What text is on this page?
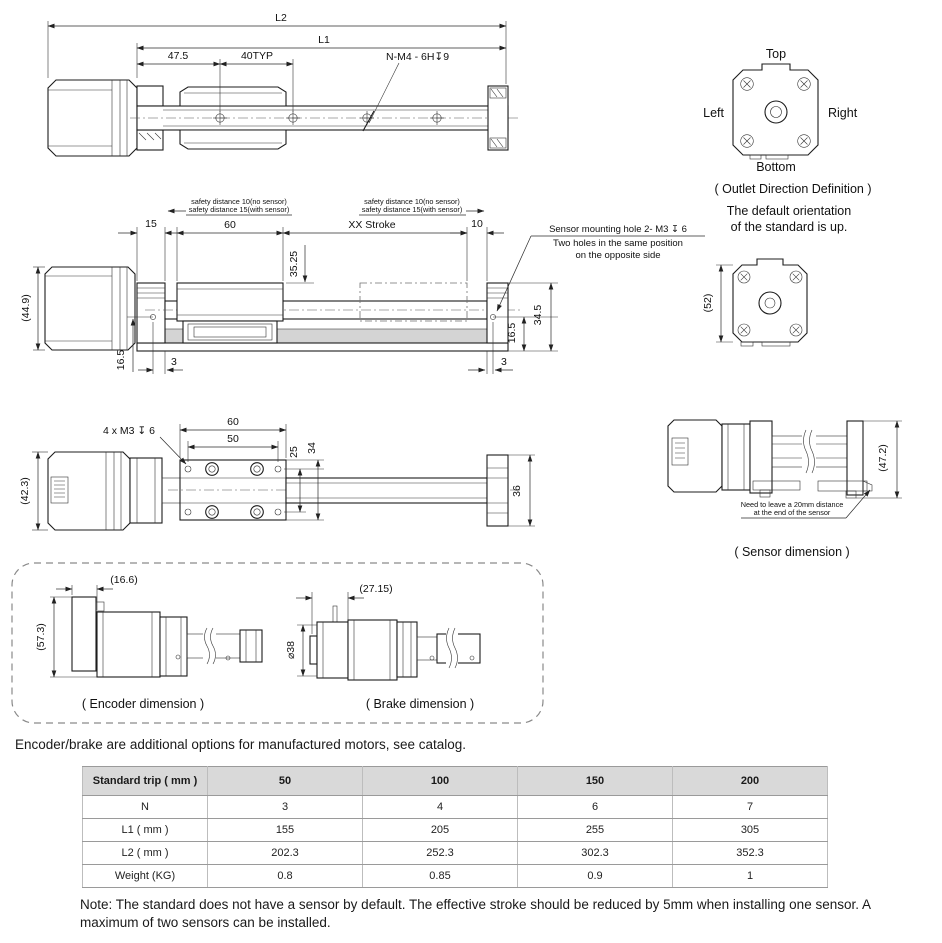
L2
L1
47.5	40TYP	N-M4 - 6H↧9	Top
Left	Right
Bottom
( Outlet Direction Definition )
The default orientation
of the standard is up.
safety distance 10(no sensor)
safety distance 15(with sensor)
safety distance 10(no sensor)
safety distance 15(with sensor)
15	60	XX Stroke	10
35.25
(44.9)
16.5	3
16.5
34.5
3
Sensor mounting hole 2- M3 ↧ 6
Two holes in the same position
on the opposite side
(52)
4 x M3 ↧ 6
60
50
25 34
(42.3)	36
Need to leave a 20mm distance
at the end of the sensor
(47.2)
( Sensor dimension )
(16.6)
(57.3)
( Encoder dimension )
(27.15)
⌀38
( Brake dimension )
Encoder/brake are additional options for manufactured motors, see catalog.
Standard trip ( mm )	50	100	150	200
N	3	4	6	7
L1 ( mm )	155	205	255	305
L2 ( mm )	202.3	252.3	302.3	352.3
Weight (KG)	0.8	0.85	0.9	1
Note: The standard does not have a sensor by default. The effective stroke should be reduced by 5mm when installing one sensor. A maximum of two sensors can be installed.
